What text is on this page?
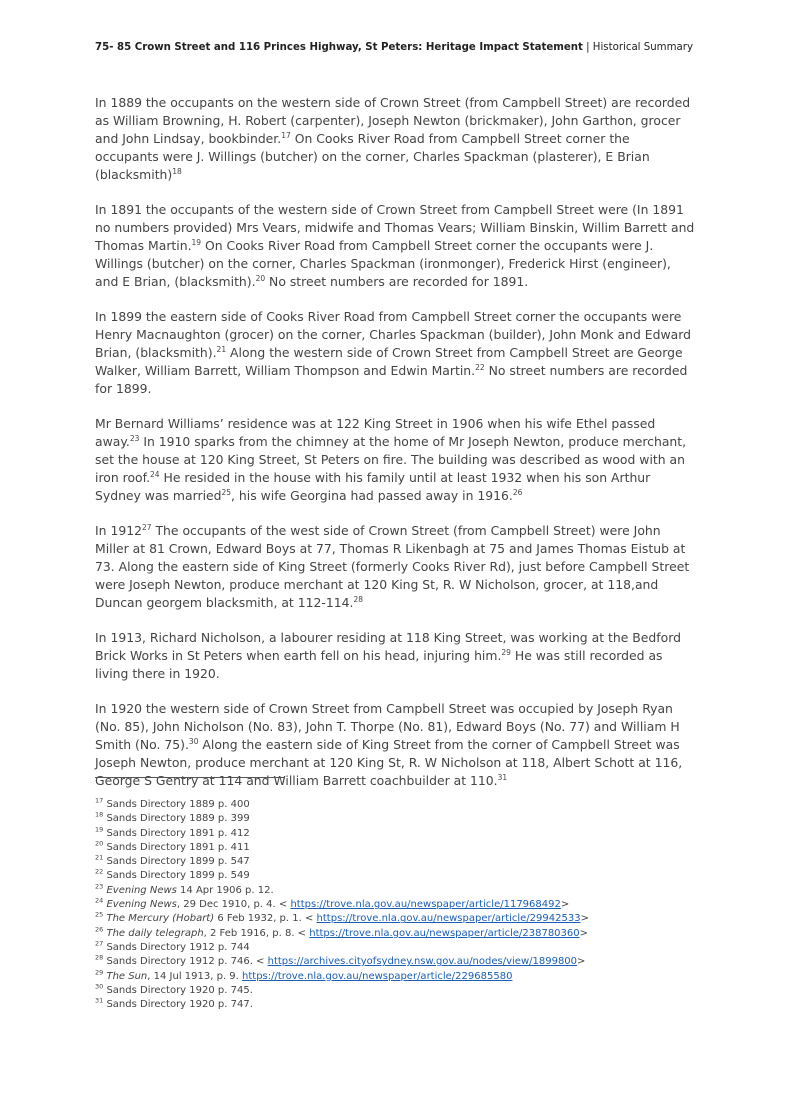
75- 85 Crown Street and 116 Princes Highway, St Peters: Heritage Impact Statement | Historical Summary

In 1889 the occupants on the western side of Crown Street (from Campbell Street) are recorded as William Browning, H. Robert (carpenter), Joseph Newton (brickmaker), John Garthon, grocer and John Lindsay, bookbinder.$^{17}$ On Cooks River Road from Campbell Street corner the occupants were J. Willings (butcher) on the corner, Charles Spackman (plasterer), E Brian (blacksmith)$^{18}$

In 1891 the occupants of the western side of Crown Street from Campbell Street were (In 1891 no numbers provided) Mrs Vears, midwife and Thomas Vears; William Binskin, Willim Barrett and Thomas Martin.$^{19}$ On Cooks River Road from Campbell Street corner the occupants were J. Willings (butcher) on the corner, Charles Spackman (ironmonger), Frederick Hirst (engineer), and E Brian, (blacksmith).$^{20}$ No street numbers are recorded for 1891.

In 1899 the eastern side of Cooks River Road from Campbell Street corner the occupants were Henry Macnaughton (grocer) on the corner, Charles Spackman (builder), John Monk and Edward Brian, (blacksmith).$^{21}$ Along the western side of Crown Street from Campbell Street are George Walker, William Barrett, William Thompson and Edwin Martin.$^{22}$ No street numbers are recorded for 1899.

Mr Bernard Williams’ residence was at 122 King Street in 1906 when his wife Ethel passed away.$^{23}$ In 1910 sparks from the chimney at the home of Mr Joseph Newton, produce merchant, set the house at 120 King Street, St Peters on fire. The building was described as wood with an iron roof.$^{24}$ He resided in the house with his family until at least 1932 when his son Arthur Sydney was married$^{25}$, his wife Georgina had passed away in 1916.26

In 1912$^{27}$ The occupants of the west side of Crown Street (from Campbell Street) were John Miller at 81 Crown, Edward Boys at 77, Thomas R Likenbagh at 75 and James Thomas Eistub at 73. Along the eastern side of King Street (formerly Cooks River Rd), just before Campbell Street were Joseph Newton, produce merchant at 120 King St, R. W Nicholson, grocer, at 118,and Duncan georgem blacksmith, at 112-114.28

In 1913, Richard Nicholson, a labourer residing at 118 King Street, was working at the Bedford Brick Works in St Peters when earth fell on his head, injuring him.$^{29}$ He was still recorded as living there in 1920.

In 1920 the western side of Crown Street from Campbell Street was occupied by Joseph Ryan (No. 85), John Nicholson (No. 83), John T. Thorpe (No. 81), Edward Boys (No. 77) and William H Smith (No. 75).$^{30}$ Along the eastern side of King Street from the corner of Campbell Street was Joseph Newton, produce merchant at 120 King St, R. W Nicholson at 118, Albert Schott at 116, George S Gentry at 114 and William Barrett coachbuilder at 110.31

$^{17}$ Sands Directory 1889 p. 400
$^{18}$ Sands Directory 1889 p. 399
$^{19}$ Sands Directory 1891 p. 412
$^{20}$ Sands Directory 1891 p. 411
$^{21}$ Sands Directory 1899 p. 547
$^{22}$ Sands Directory 1899 p. 549
$^{23}$ Evening News 14 Apr 1906 p. 12.
$^{24}$ Evening News, 29 Dec 1910, p. 4. < https://trove.nla.gov.au/newspaper/article/117968492>
$^{25}$ The Mercury (Hobart) 6 Feb 1932, p. 1. < https://trove.nla.gov.au/newspaper/article/29942533>
$^{26}$ The daily telegraph, 2 Feb 1916, p. 8. < https://trove.nla.gov.au/newspaper/article/238780360>
$^{27}$ Sands Directory 1912 p. 744
$^{28}$ Sands Directory 1912 p. 746. < https://archives.cityofsydney.nsw.gov.au/nodes/view/1899800>
$^{29}$ The Sun, 14 Jul 1913, p. 9. https://trove.nla.gov.au/newspaper/article/229685580
$^{30}$ Sands Directory 1920 p. 745.
$^{31}$ Sands Directory 1920 p. 747.
